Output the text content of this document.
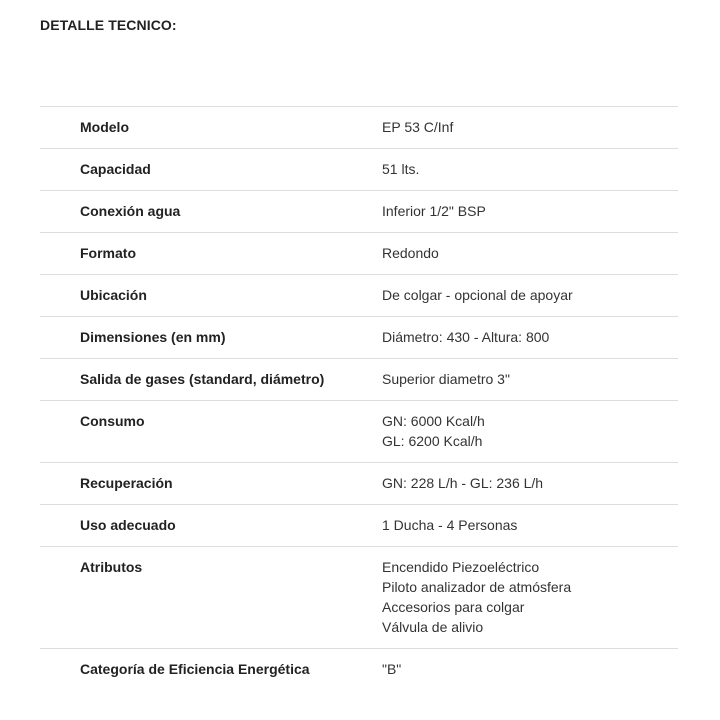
DETALLE TECNICO:
Modelo	EP 53 C/Inf

Capacidad	51 lts.

Conexión agua	Inferior 1/2" BSP

Formato	Redondo

Ubicación	De colgar - opcional de apoyar

Dimensiones (en mm)	Diámetro: 430 - Altura: 800

Salida de gases (standard, diámetro)	Superior diametro 3"

Consumo	GN: 6000 Kcal/h
GL: 6200 Kcal/h

Recuperación	GN: 228 L/h - GL: 236 L/h

Uso adecuado	1 Ducha - 4 Personas

Atributos	Encendido Piezoeléctrico
Piloto analizador de atmósfera
Accesorios para colgar
Válvula de alivio

Categoría de Eficiencia Energética	"B"
